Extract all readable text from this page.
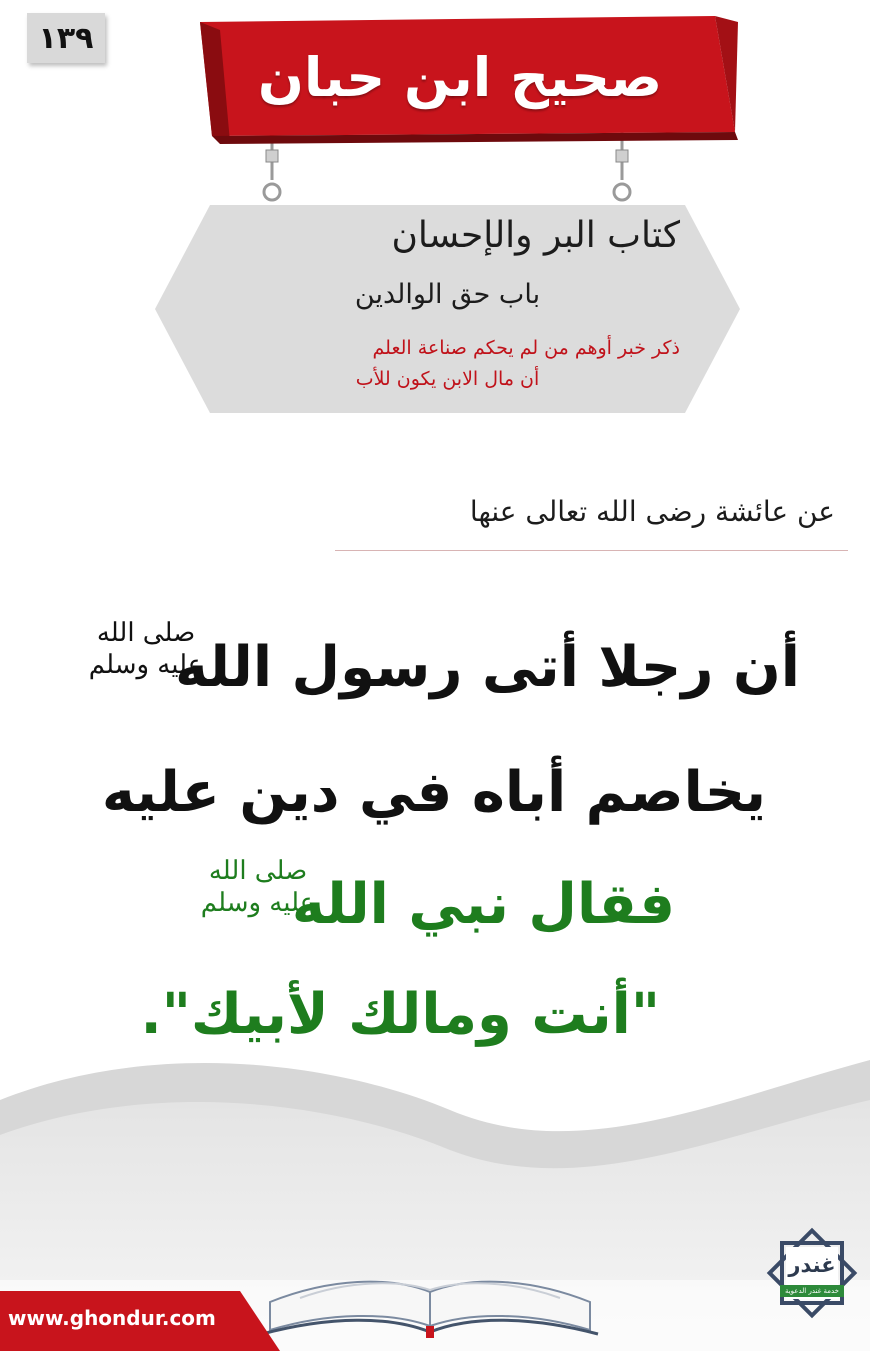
١٣٩
صحيح ابن حبان
كتاب البر والإحسان
باب حق الوالدين
ذكر خبر أوهم من لم يحكم صناعة العلم
أن مال الابن يكون للأب
عن عائشة رضى الله تعالى عنها
أن رجلا أتى رسول الله
صلى الله
عليه وسلم
يخاصم أباه في دين عليه
فقال نبي الله
صلى الله
عليه وسلم
"أنت ومالك لأبيك".
www.ghondur.com
غندر
خدمة غندر الدعوية
